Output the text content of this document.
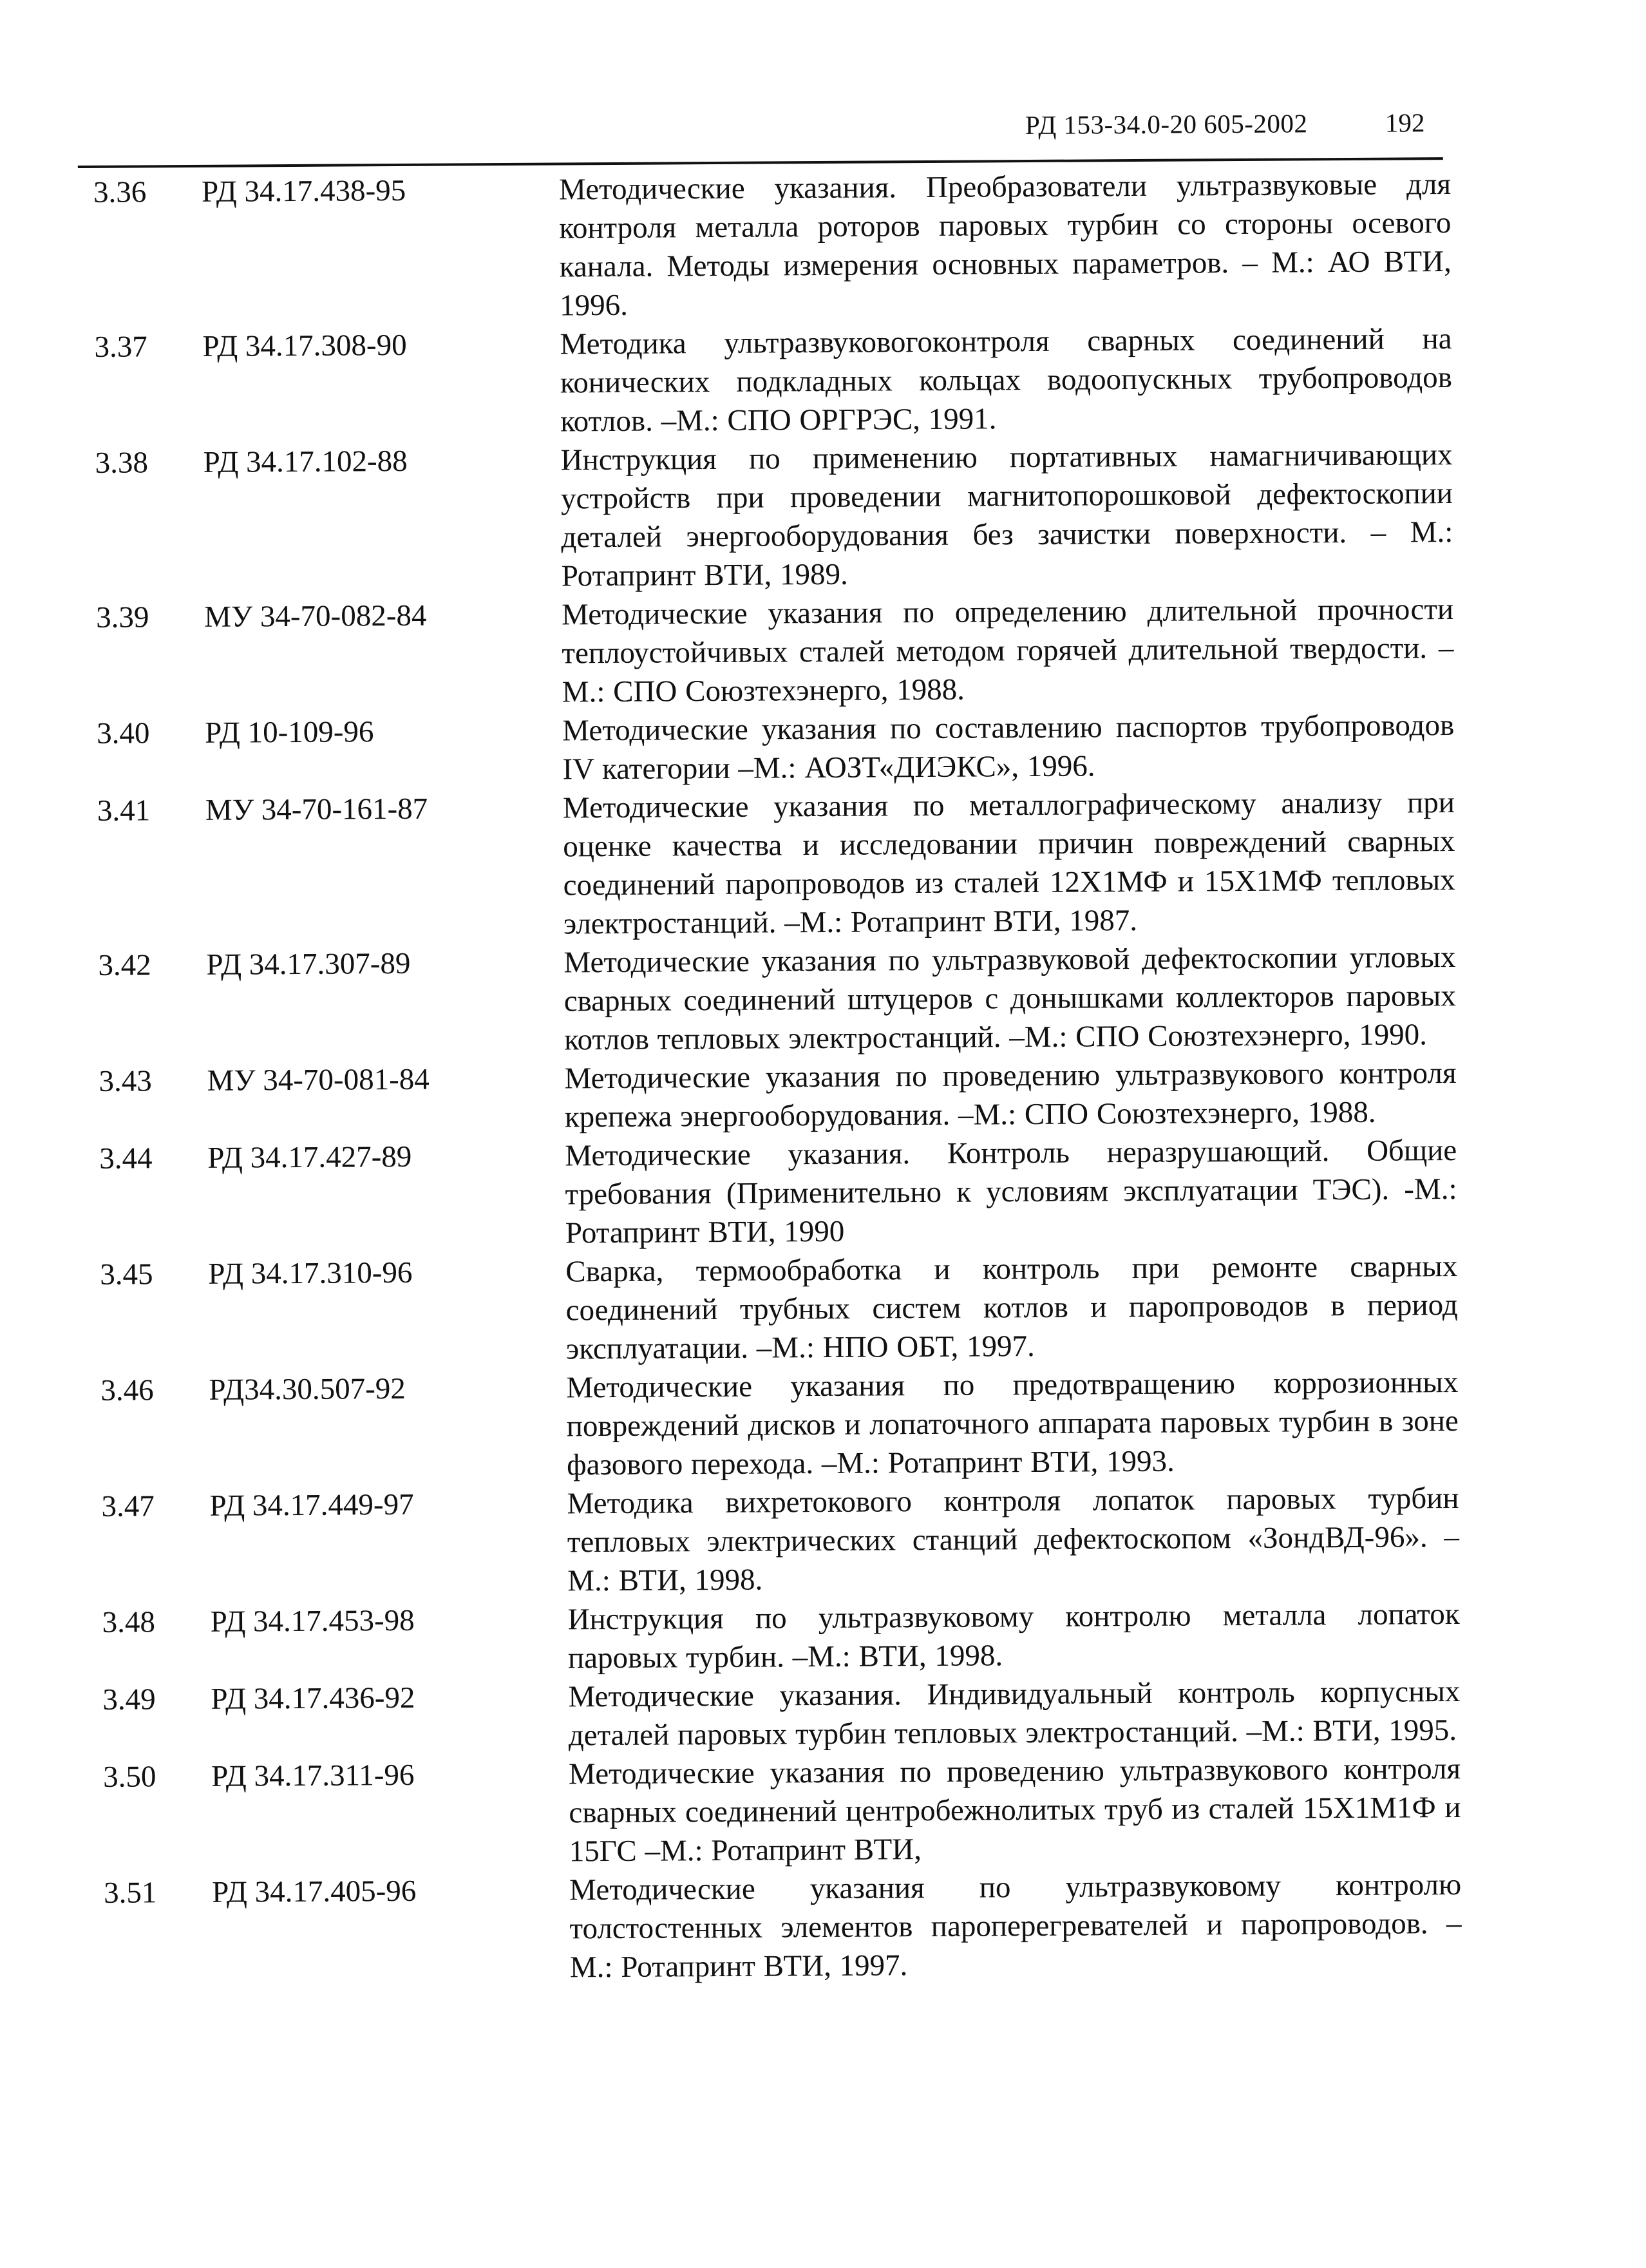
РД 153-34.0-20 605-2002	192
3.36	РД 34.17.438-95	Методические указания. Преобразователи ультразвуковые для контроля металла роторов паровых турбин со стороны осевого канала. Методы измерения основных параметров. – М.: АО ВТИ, 1996.
3.37	РД 34.17.308-90	Методика ультразвуковогоконтроля сварных соединений на конических подкладных кольцах водоопускных трубопроводов котлов. –М.: СПО ОРГРЭС, 1991.
3.38	РД 34.17.102-88	Инструкция по применению портативных намагничивающих устройств при проведении магнитопорошковой дефектоскопии деталей энергооборудования без зачистки поверхности. – М.: Ротапринт ВТИ, 1989.
3.39	МУ 34-70-082-84	Методические указания по определению длительной прочности теплоустойчивых сталей методом горячей длительной твердости. –М.: СПО Союзтехэнерго, 1988.
3.40	РД 10-109-96	Методические указания по составлению паспортов трубопроводов IV категории –М.: АОЗТ«ДИЭКС», 1996.
3.41	МУ 34-70-161-87	Методические указания по металлографическому анализу при оценке качества и исследовании причин повреждений сварных соединений паропроводов из сталей 12Х1МФ и 15Х1МФ тепловых электростанций. –М.: Ротапринт ВТИ, 1987.
3.42	РД 34.17.307-89	Методические указания по ультразвуковой дефектоскопии угловых сварных соединений штуцеров с донышками коллекторов паровых котлов тепловых электростанций. –М.: СПО Союзтехэнерго, 1990.
3.43	МУ 34-70-081-84	Методические указания по проведению ультразвукового контроля крепежа энергооборудования. –М.: СПО Союзтехэнерго, 1988.
3.44	РД 34.17.427-89	Методические указания. Контроль неразрушающий. Общие требования (Применительно к условиям эксплуатации ТЭС). -М.: Ротапринт ВТИ, 1990
3.45	РД 34.17.310-96	Сварка, термообработка и контроль при ремонте сварных соединений трубных систем котлов и паропроводов в период эксплуатации. –М.: НПО ОБТ, 1997.
3.46	РД34.30.507-92	Методические указания по предотвращению коррозионных повреждений дисков и лопаточного аппарата паровых турбин в зоне фазового перехода. –М.: Ротапринт ВТИ, 1993.
3.47	РД 34.17.449-97	Методика вихретокового контроля лопаток паровых турбин тепловых электрических станций дефектоскопом «ЗондВД-96». –М.: ВТИ, 1998.
3.48	РД 34.17.453-98	Инструкция по ультразвуковому контролю металла лопаток паровых турбин. –М.: ВТИ, 1998.
3.49	РД 34.17.436-92	Методические указания. Индивидуальный контроль корпусных деталей паровых турбин тепловых электростанций. –М.: ВТИ, 1995.
3.50	РД 34.17.311-96	Методические указания по проведению ультразвукового контроля сварных соединений центробежнолитых труб из сталей 15Х1М1Ф и 15ГС –М.: Ротапринт ВТИ,
3.51	РД 34.17.405-96	Методические указания по ультразвуковому контролю толстостенных элементов пароперегревателей и паропроводов. – М.: Ротапринт ВТИ, 1997.
